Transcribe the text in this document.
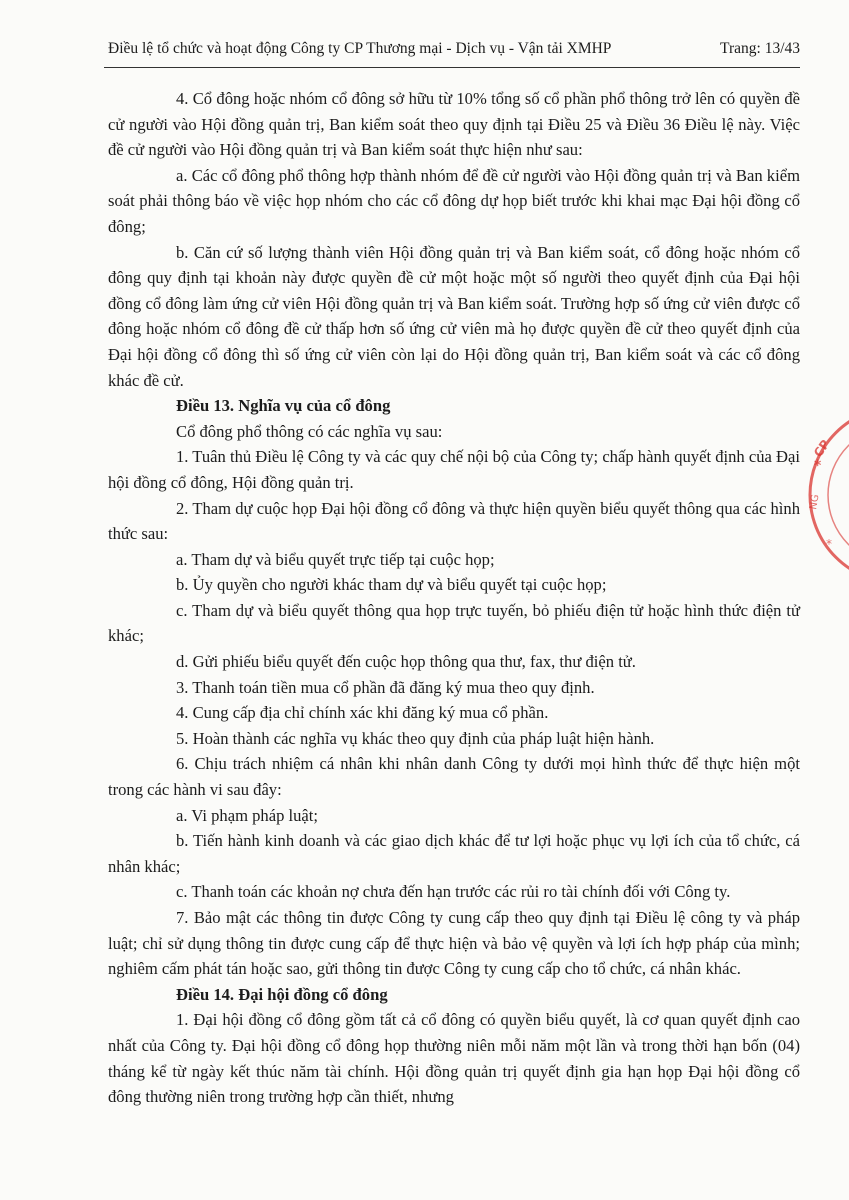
Điều lệ tổ chức và hoạt động Công ty CP Thương mại - Dịch vụ - Vận tải XMHP	Trang: 13/43

4. Cổ đông hoặc nhóm cổ đông sở hữu từ 10% tổng số cổ phần phổ thông trở lên có quyền đề cử người vào Hội đồng quản trị, Ban kiểm soát theo quy định tại Điều 25 và Điều 36 Điều lệ này. Việc đề cử người vào Hội đồng quản trị và Ban kiểm soát thực hiện như sau:

a. Các cổ đông phổ thông hợp thành nhóm để đề cử người vào Hội đồng quản trị và Ban kiểm soát phải thông báo về việc họp nhóm cho các cổ đông dự họp biết trước khi khai mạc Đại hội đồng cổ đông;

b. Căn cứ số lượng thành viên Hội đồng quản trị và Ban kiểm soát, cổ đông hoặc nhóm cổ đông quy định tại khoản này được quyền đề cử một hoặc một số người theo quyết định của Đại hội đồng cổ đông làm ứng cử viên Hội đồng quản trị và Ban kiểm soát. Trường hợp số ứng cử viên được cổ đông hoặc nhóm cổ đông đề cử thấp hơn số ứng cử viên mà họ được quyền đề cử theo quyết định của Đại hội đồng cổ đông thì số ứng cử viên còn lại do Hội đồng quản trị, Ban kiểm soát và các cổ đông khác đề cử.

Điều 13. Nghĩa vụ của cổ đông

Cổ đông phổ thông có các nghĩa vụ sau:

1. Tuân thủ Điều lệ Công ty và các quy chế nội bộ của Công ty; chấp hành quyết định của Đại hội đồng cổ đông, Hội đồng quản trị.

2. Tham dự cuộc họp Đại hội đồng cổ đông và thực hiện quyền biểu quyết thông qua các hình thức sau:

a. Tham dự và biểu quyết trực tiếp tại cuộc họp;

b. Ủy quyền cho người khác tham dự và biểu quyết tại cuộc họp;

c. Tham dự và biểu quyết thông qua họp trực tuyến, bỏ phiếu điện tử hoặc hình thức điện tử khác;

d. Gửi phiếu biểu quyết đến cuộc họp thông qua thư, fax, thư điện tử.

3. Thanh toán tiền mua cổ phần đã đăng ký mua theo quy định.

4. Cung cấp địa chỉ chính xác khi đăng ký mua cổ phần.

5. Hoàn thành các nghĩa vụ khác theo quy định của pháp luật hiện hành.

6. Chịu trách nhiệm cá nhân khi nhân danh Công ty dưới mọi hình thức để thực hiện một trong các hành vi sau đây:

a. Vi phạm pháp luật;

b. Tiến hành kinh doanh và các giao dịch khác để tư lợi hoặc phục vụ lợi ích của tổ chức, cá nhân khác;

c. Thanh toán các khoản nợ chưa đến hạn trước các rủi ro tài chính đối với Công ty.

7. Bảo mật các thông tin được Công ty cung cấp theo quy định tại Điều lệ công ty và pháp luật; chỉ sử dụng thông tin được cung cấp để thực hiện và bảo vệ quyền và lợi ích hợp pháp của mình; nghiêm cấm phát tán hoặc sao, gửi thông tin được Công ty cung cấp cho tổ chức, cá nhân khác.

Điều 14. Đại hội đồng cổ đông

1. Đại hội đồng cổ đông gồm tất cả cổ đông có quyền biểu quyết, là cơ quan quyết định cao nhất của Công ty. Đại hội đồng cổ đông họp thường niên mỗi năm một lần và trong thời hạn bốn (04) tháng kể từ ngày kết thúc năm tài chính. Hội đồng quản trị quyết định gia hạn họp Đại hội đồng cổ đông thường niên trong trường hợp cần thiết, nhưng

CP
NG
*
*
